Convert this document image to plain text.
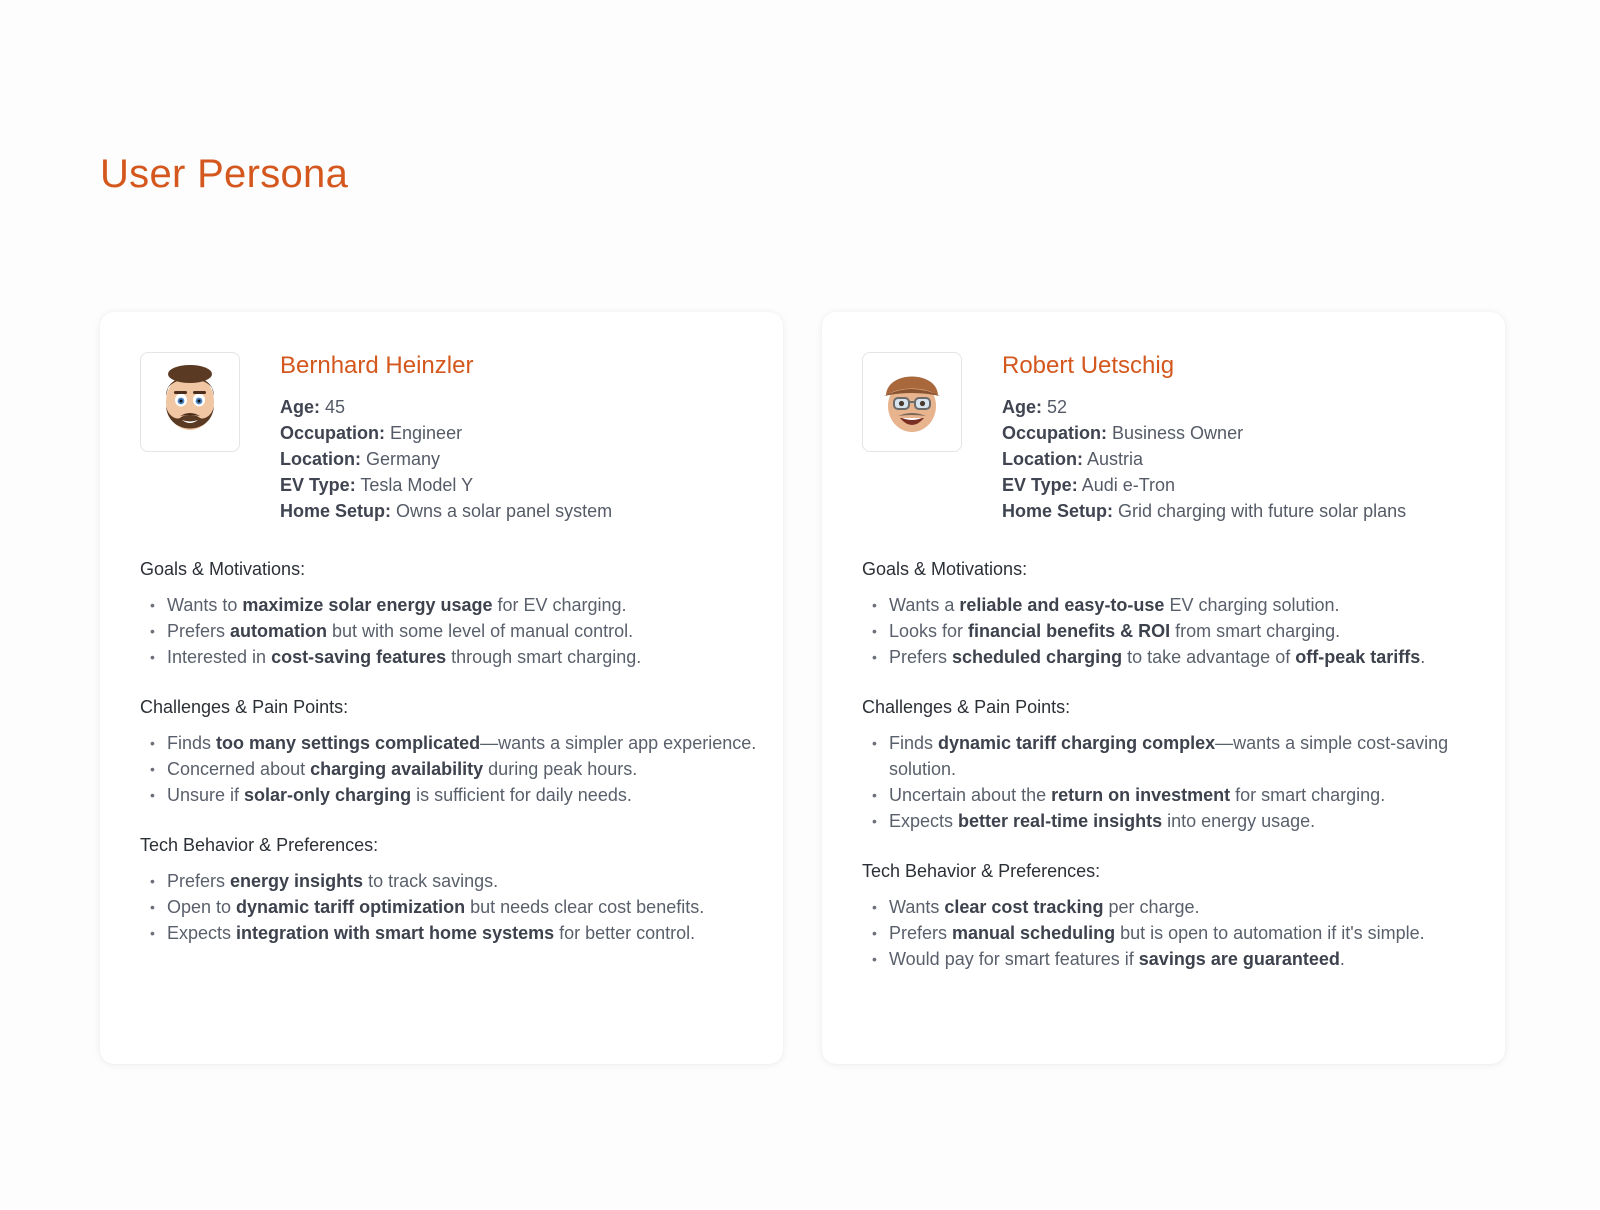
User Persona
Bernhard Heinzler
Age: 45
Occupation: Engineer
Location: Germany
EV Type: Tesla Model Y
Home Setup: Owns a solar panel system
Goals & Motivations:
• Wants to maximize solar energy usage for EV charging.
• Prefers automation but with some level of manual control.
• Interested in cost-saving features through smart charging.
Challenges & Pain Points:
• Finds too many settings complicated—wants a simpler app experience.
• Concerned about charging availability during peak hours.
• Unsure if solar-only charging is sufficient for daily needs.
Tech Behavior & Preferences:
• Prefers energy insights to track savings.
• Open to dynamic tariff optimization but needs clear cost benefits.
• Expects integration with smart home systems for better control.
Robert Uetschig
Age: 52
Occupation: Business Owner
Location: Austria
EV Type: Audi e-Tron
Home Setup: Grid charging with future solar plans
Goals & Motivations:
• Wants a reliable and easy-to-use EV charging solution.
• Looks for financial benefits & ROI from smart charging.
• Prefers scheduled charging to take advantage of off-peak tariffs.
Challenges & Pain Points:
• Finds dynamic tariff charging complex—wants a simple cost-saving solution.
• Uncertain about the return on investment for smart charging.
• Expects better real-time insights into energy usage.
Tech Behavior & Preferences:
• Wants clear cost tracking per charge.
• Prefers manual scheduling but is open to automation if it's simple.
• Would pay for smart features if savings are guaranteed.
